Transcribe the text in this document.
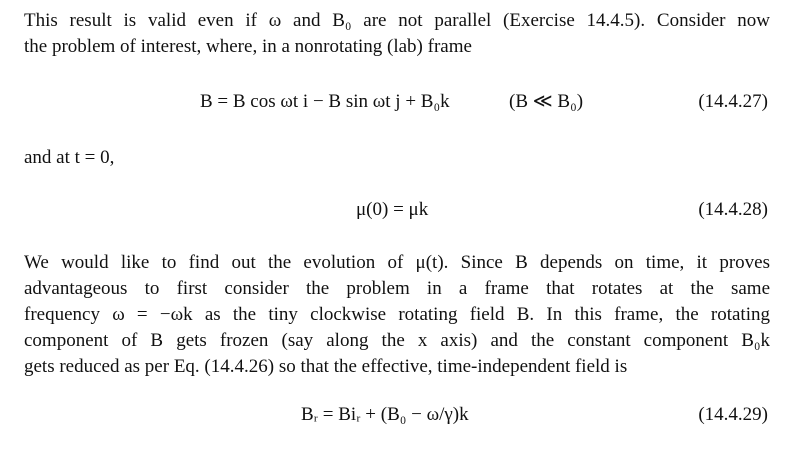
This result is valid even if ω and B₀ are not parallel (Exercise 14.4.5). Consider now
the problem of interest, where, in a nonrotating (lab) frame
B = B cos ωt i − B sin ωt j + B₀k	(B ≪ B₀)	(14.4.27)
and at t = 0,
μ(0) = μk	(14.4.28)
We would like to find out the evolution of μ(t). Since B depends on time, it proves
advantageous to first consider the problem in a frame that rotates at the same
frequency ω = −ωk as the tiny clockwise rotating field B. In this frame, the rotating
component of B gets frozen (say along the x axis) and the constant component B₀k
gets reduced as per Eq. (14.4.26) so that the effective, time-independent field is
Bᵣ = Biᵣ + (B₀ − ω/γ)k	(14.4.29)
